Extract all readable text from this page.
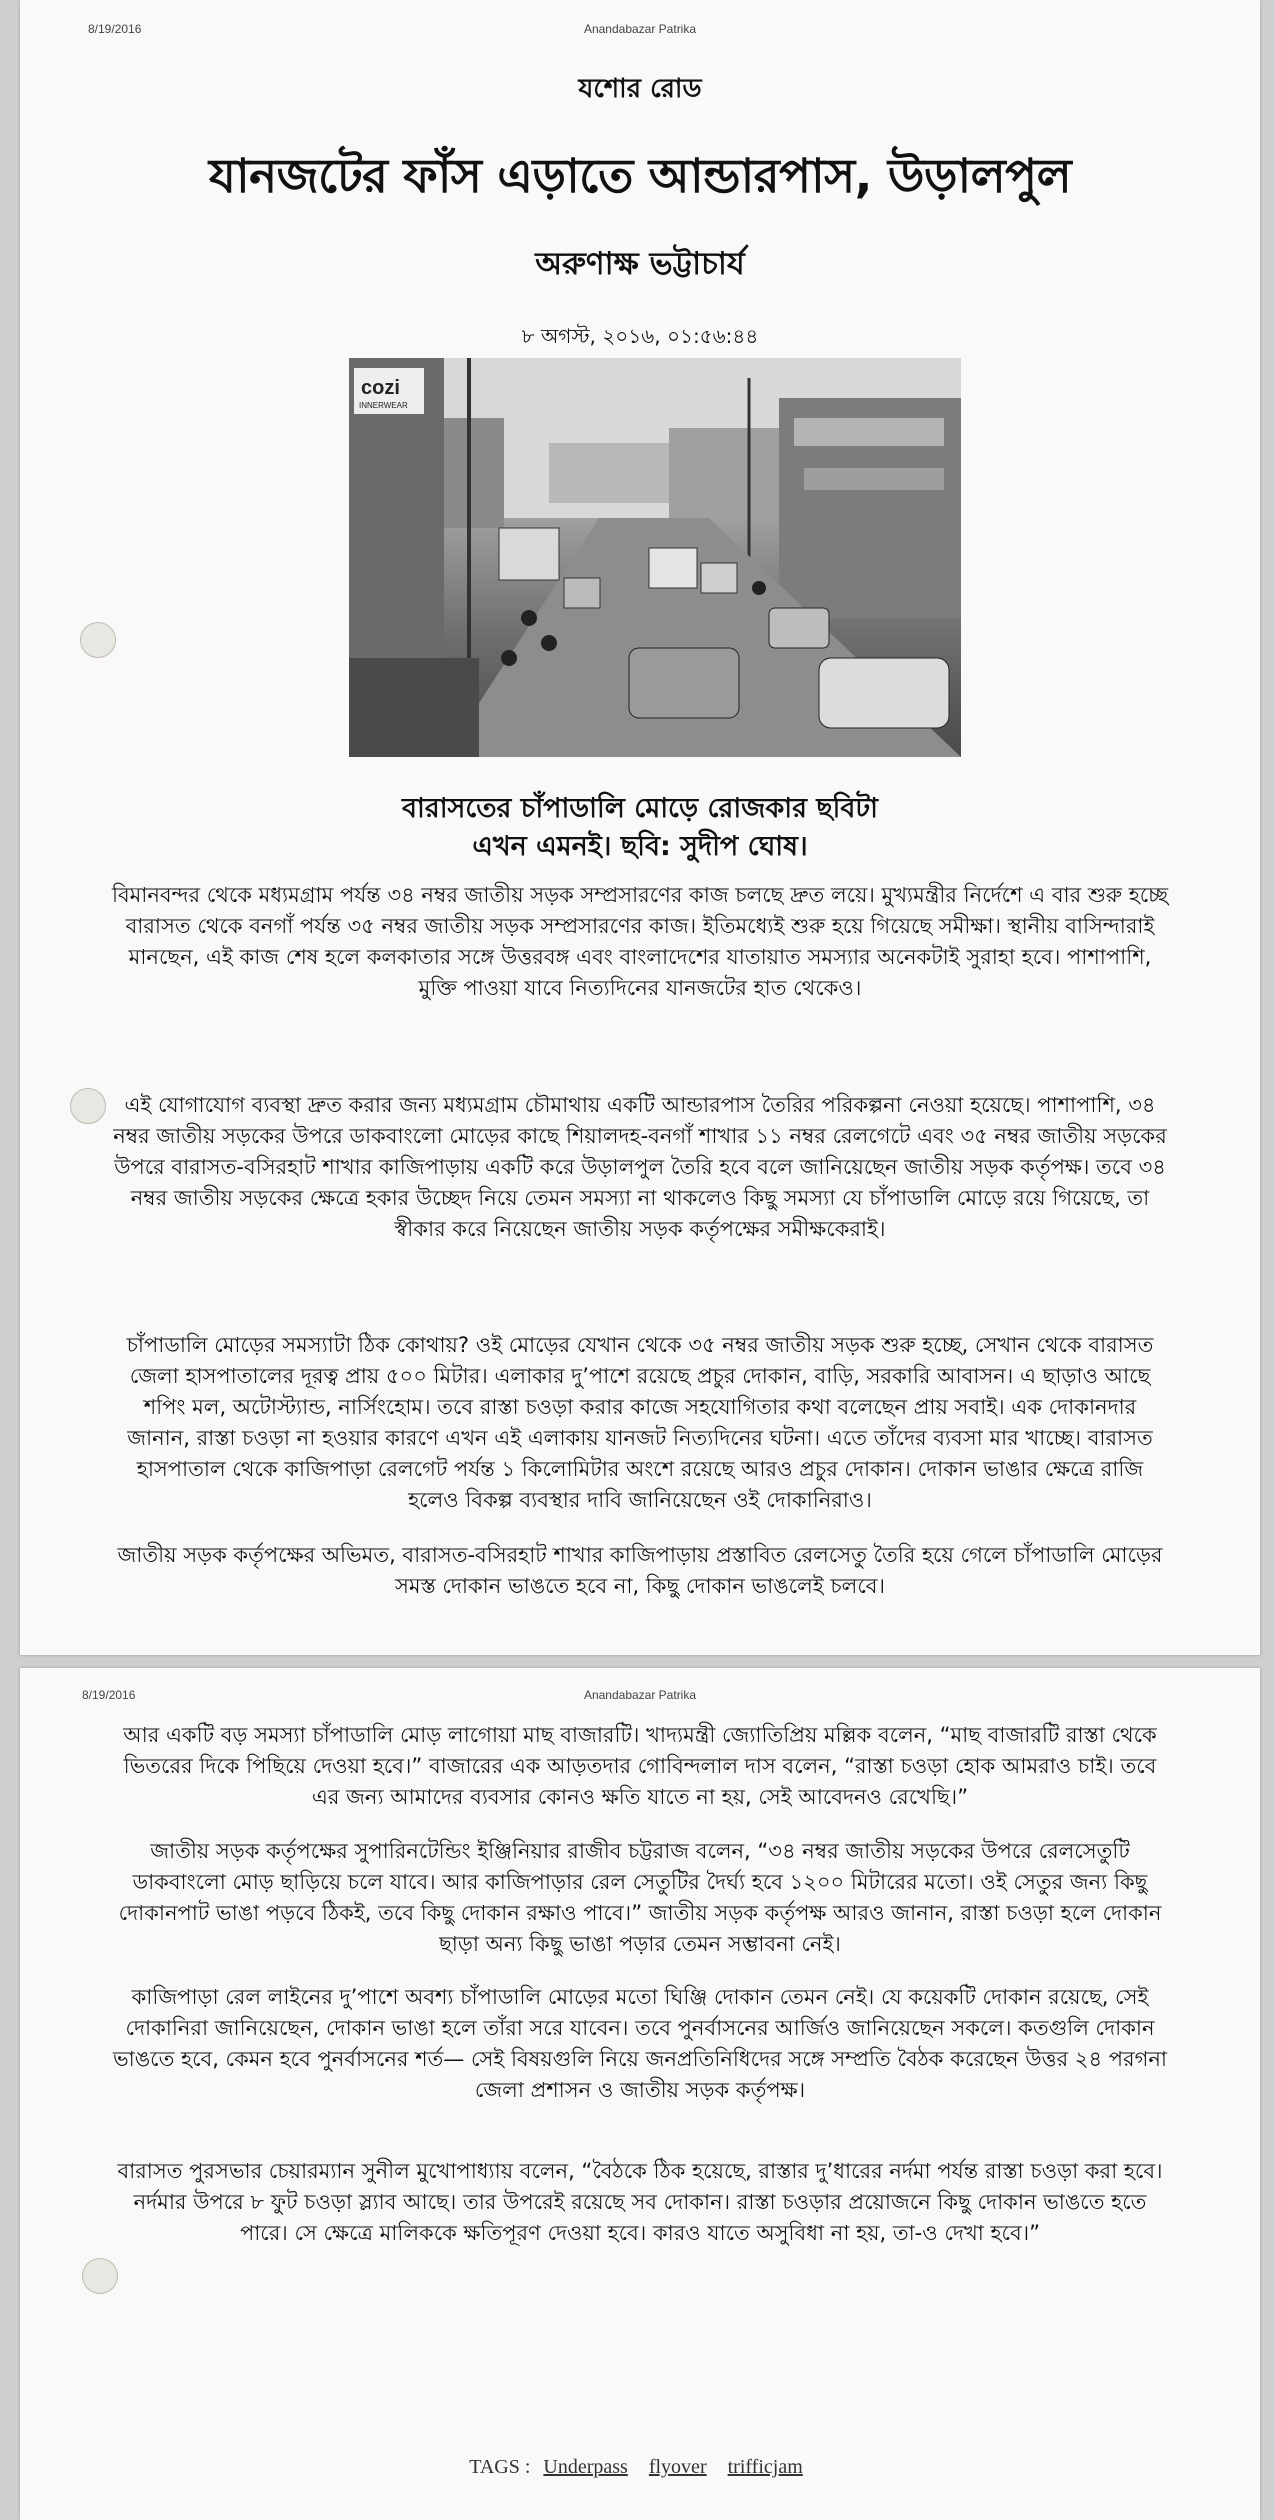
8/19/2016	Anandabazar Patrika
যশোর রোড
যানজটের ফাঁস এড়াতে আন্ডারপাস, উড়ালপুল
অরুণাক্ষ ভট্টাচার্য
৮ অগস্ট, ২০১৬, ০১:৫৬:৪৪
cozi
INNERWEAR
বারাসতের চাঁপাডালি মোড়ে রোজকার ছবিটা
এখন এমনই। ছবি: সুদীপ ঘোষ।
বিমানবন্দর থেকে মধ্যমগ্রাম পর্যন্ত ৩৪ নম্বর জাতীয় সড়ক সম্প্রসারণের কাজ চলছে দ্রুত লয়ে। মুখ্যমন্ত্রীর নির্দেশে এ বার শুরু হচ্ছে বারাসত থেকে বনগাঁ পর্যন্ত ৩৫ নম্বর জাতীয় সড়ক সম্প্রসারণের কাজ। ইতিমধ্যেই শুরু হয়ে গিয়েছে সমীক্ষা। স্থানীয় বাসিন্দারাই মানছেন, এই কাজ শেষ হলে কলকাতার সঙ্গে উত্তরবঙ্গ এবং বাংলাদেশের যাতায়াত সমস্যার অনেকটাই সুরাহা হবে। পাশাপাশি, মুক্তি পাওয়া যাবে নিত্যদিনের যানজটের হাত থেকেও।
এই যোগাযোগ ব্যবস্থা দ্রুত করার জন্য মধ্যমগ্রাম চৌমাথায় একটি আন্ডারপাস তৈরির পরিকল্পনা নেওয়া হয়েছে। পাশাপাশি, ৩৪ নম্বর জাতীয় সড়কের উপরে ডাকবাংলো মোড়ের কাছে শিয়ালদহ-বনগাঁ শাখার ১১ নম্বর রেলগেটে এবং ৩৫ নম্বর জাতীয় সড়কের উপরে বারাসত-বসিরহাট শাখার কাজিপাড়ায় একটি করে উড়ালপুল তৈরি হবে বলে জানিয়েছেন জাতীয় সড়ক কর্তৃপক্ষ। তবে ৩৪ নম্বর জাতীয় সড়কের ক্ষেত্রে হকার উচ্ছেদ নিয়ে তেমন সমস্যা না থাকলেও কিছু সমস্যা যে চাঁপাডালি মোড়ে রয়ে গিয়েছে, তা স্বীকার করে নিয়েছেন জাতীয় সড়ক কর্তৃপক্ষের সমীক্ষকেরাই।
চাঁপাডালি মোড়ের সমস্যাটা ঠিক কোথায়? ওই মোড়ের যেখান থেকে ৩৫ নম্বর জাতীয় সড়ক শুরু হচ্ছে, সেখান থেকে বারাসত জেলা হাসপাতালের দূরত্ব প্রায় ৫০০ মিটার। এলাকার দু’পাশে রয়েছে প্রচুর দোকান, বাড়ি, সরকারি আবাসন। এ ছাড়াও আছে শপিং মল, অটোস্ট্যান্ড, নার্সিংহোম। তবে রাস্তা চওড়া করার কাজে সহযোগিতার কথা বলেছেন প্রায় সবাই। এক দোকানদার জানান, রাস্তা চওড়া না হওয়ার কারণে এখন এই এলাকায় যানজট নিত্যদিনের ঘটনা। এতে তাঁদের ব্যবসা মার খাচ্ছে। বারাসত হাসপাতাল থেকে কাজিপাড়া রেলগেট পর্যন্ত ১ কিলোমিটার অংশে রয়েছে আরও প্রচুর দোকান। দোকান ভাঙার ক্ষেত্রে রাজি হলেও বিকল্প ব্যবস্থার দাবি জানিয়েছেন ওই দোকানিরাও।
জাতীয় সড়ক কর্তৃপক্ষের অভিমত, বারাসত-বসিরহাট শাখার কাজিপাড়ায় প্রস্তাবিত রেলসেতু তৈরি হয়ে গেলে চাঁপাডালি মোড়ের সমস্ত দোকান ভাঙতে হবে না, কিছু দোকান ভাঙলেই চলবে।
8/19/2016	Anandabazar Patrika
আর একটি বড় সমস্যা চাঁপাডালি মোড় লাগোয়া মাছ বাজারটি। খাদ্যমন্ত্রী জ্যোতিপ্রিয় মল্লিক বলেন, “মাছ বাজারটি রাস্তা থেকে ভিতরের দিকে পিছিয়ে দেওয়া হবে।” বাজারের এক আড়তদার গোবিন্দলাল দাস বলেন, “রাস্তা চওড়া হোক আমরাও চাই। তবে এর জন্য আমাদের ব্যবসার কোনও ক্ষতি যাতে না হয়, সেই আবেদনও রেখেছি।”
জাতীয় সড়ক কর্তৃপক্ষের সুপারিনটেন্ডিং ইঞ্জিনিয়ার রাজীব চট্টরাজ বলেন, “৩৪ নম্বর জাতীয় সড়কের উপরে রেলসেতুটি ডাকবাংলো মোড় ছাড়িয়ে চলে যাবে। আর কাজিপাড়ার রেল সেতুটির দৈর্ঘ্য হবে ১২০০ মিটারের মতো। ওই সেতুর জন্য কিছু দোকানপাট ভাঙা পড়বে ঠিকই, তবে কিছু দোকান রক্ষাও পাবে।” জাতীয় সড়ক কর্তৃপক্ষ আরও জানান, রাস্তা চওড়া হলে দোকান ছাড়া অন্য কিছু ভাঙা পড়ার তেমন সম্ভাবনা নেই।
কাজিপাড়া রেল লাইনের দু’পাশে অবশ্য চাঁপাডালি মোড়ের মতো ঘিঞ্জি দোকান তেমন নেই। যে কয়েকটি দোকান রয়েছে, সেই দোকানিরা জানিয়েছেন, দোকান ভাঙা হলে তাঁরা সরে যাবেন। তবে পুনর্বাসনের আর্জিও জানিয়েছেন সকলে। কতগুলি দোকান ভাঙতে হবে, কেমন হবে পুনর্বাসনের শর্ত— সেই বিষয়গুলি নিয়ে জনপ্রতিনিধিদের সঙ্গে সম্প্রতি বৈঠক করেছেন উত্তর ২৪ পরগনা জেলা প্রশাসন ও জাতীয় সড়ক কর্তৃপক্ষ।
বারাসত পুরসভার চেয়ারম্যান সুনীল মুখোপাধ্যায় বলেন, “বৈঠকে ঠিক হয়েছে, রাস্তার দু’ধারের নর্দমা পর্যন্ত রাস্তা চওড়া করা হবে। নর্দমার উপরে ৮ ফুট চওড়া স্ল্যাব আছে। তার উপরেই রয়েছে সব দোকান। রাস্তা চওড়ার প্রয়োজনে কিছু দোকান ভাঙতে হতে পারে। সে ক্ষেত্রে মালিককে ক্ষতিপূরণ দেওয়া হবে। কারও যাতে অসুবিধা না হয়, তা-ও দেখা হবে।”
TAGS : Underpass flyover trifficjam
